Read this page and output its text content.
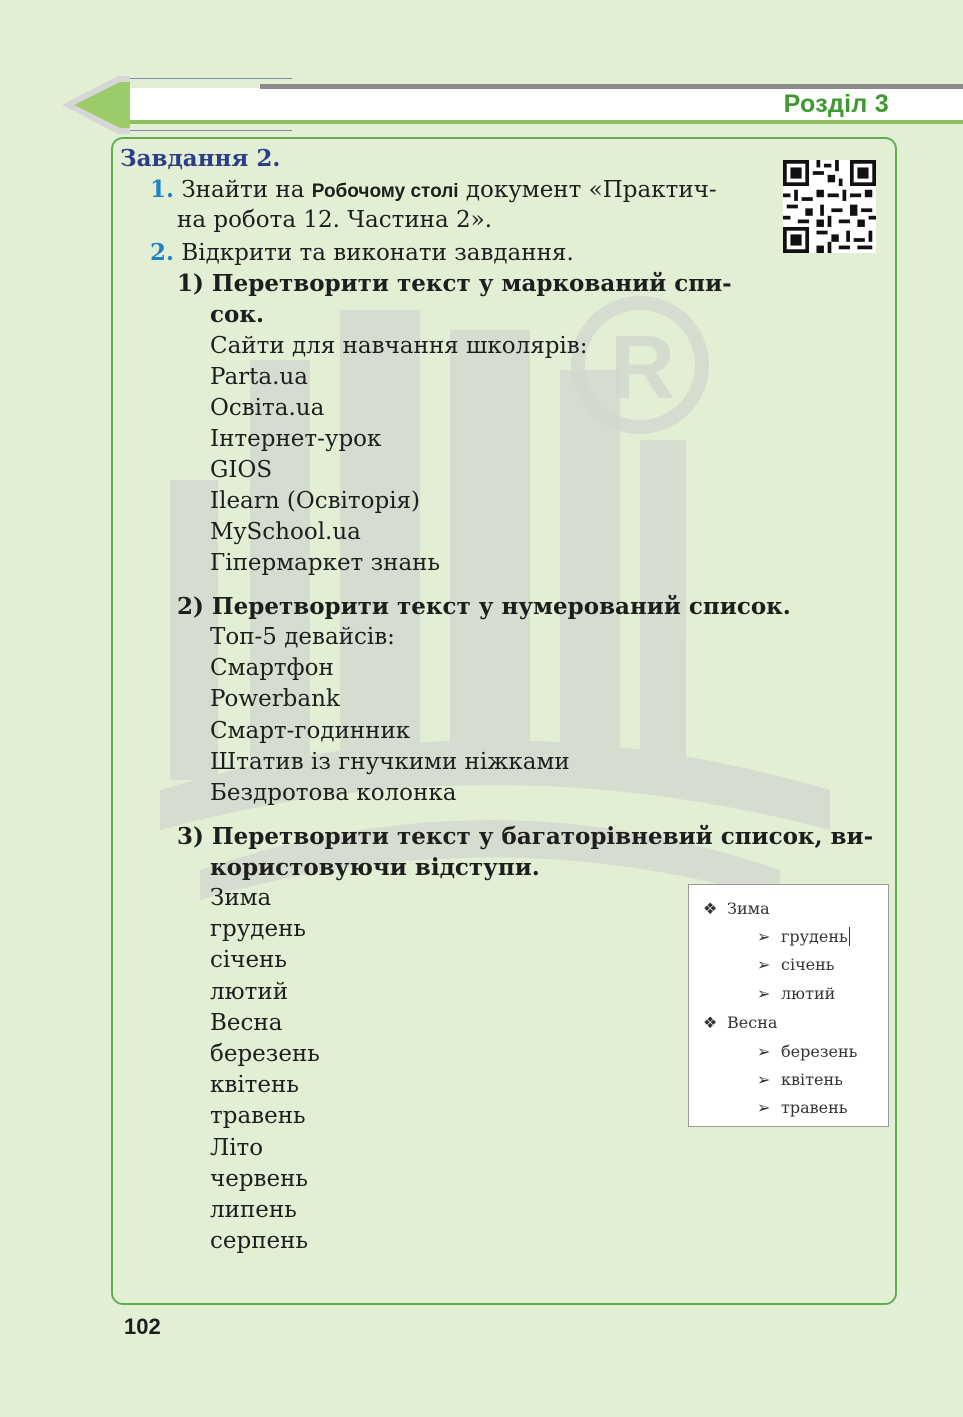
Розділ 3
R
Завдання 2.
1. Знайти на Робочому столі документ «Практич-
на робота 12. Частина 2».
2. Відкрити та виконати завдання.
1) Перетворити текст у маркований спи-
сок.
Сайти для навчання школярів:
Parta.ua
Освіта.ua
Інтернет-урок
GIOS
Ilearn (Освіторія)
MySchool.ua
Гіпермаркет знань
2) Перетворити текст у нумерований список.
Топ-5 девайсів:
Смартфон
Powerbank
Смарт-годинник
Штатив із гнучкими ніжками
Бездротова колонка
3) Перетворити текст у багаторівневий список, ви-
користовуючи відступи.
Зима
грудень
січень
лютий
Весна
березень
квітень
травень
Літо
червень
липень
серпень
❖ Зима
➢ грудень
➢ січень
➢ лютий
❖ Весна
➢ березень
➢ квітень
➢ травень
102
